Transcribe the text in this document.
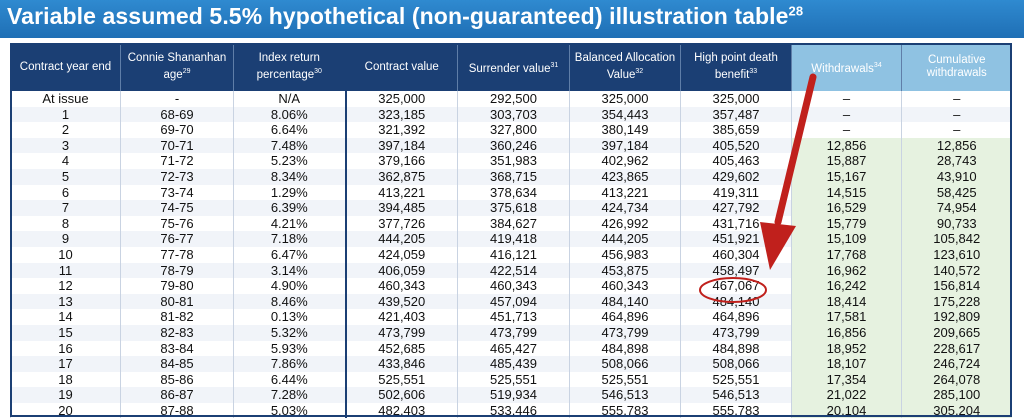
Variable assumed 5.5% hypothetical (non-guaranteed) illustration table$^{28}$
Contract year end	Connie Shananhan age$^{29}$	Index return percentage$^{30}$	Contract value	Surrender value$^{31}$	Balanced Allocation Value$^{32}$	High point death benefit$^{33}$	Withdrawals$^{34}$	Cumulative withdrawals
At issue	-	N/A	325,000	292,500	325,000	325,000	–	–
1	68-69	8.06%	323,185	303,703	354,443	357,487	–	–
2	69-70	6.64%	321,392	327,800	380,149	385,659	–	–
3	70-71	7.48%	397,184	360,246	397,184	405,520	12,856	12,856
4	71-72	5.23%	379,166	351,983	402,962	405,463	15,887	28,743
5	72-73	8.34%	362,875	368,715	423,865	429,602	15,167	43,910
6	73-74	1.29%	413,221	378,634	413,221	419,311	14,515	58,425
7	74-75	6.39%	394,485	375,618	424,734	427,792	16,529	74,954
8	75-76	4.21%	377,726	384,627	426,992	431,716	15,779	90,733
9	76-77	7.18%	444,205	419,418	444,205	451,921	15,109	105,842
10	77-78	6.47%	424,059	416,121	456,983	460,304	17,768	123,610
11	78-79	3.14%	406,059	422,514	453,875	458,497	16,962	140,572
12	79-80	4.90%	460,343	460,343	460,343	467,067	16,242	156,814
13	80-81	8.46%	439,520	457,094	484,140	484,140	18,414	175,228
14	81-82	0.13%	421,403	451,713	464,896	464,896	17,581	192,809
15	82-83	5.32%	473,799	473,799	473,799	473,799	16,856	209,665
16	83-84	5.93%	452,685	465,427	484,898	484,898	18,952	228,617
17	84-85	7.86%	433,846	485,439	508,066	508,066	18,107	246,724
18	85-86	6.44%	525,551	525,551	525,551	525,551	17,354	264,078
19	86-87	7.28%	502,606	519,934	546,513	546,513	21,022	285,100
20	87-88	5.03%	482,403	533,446	555,783	555,783	20,104	305,204
